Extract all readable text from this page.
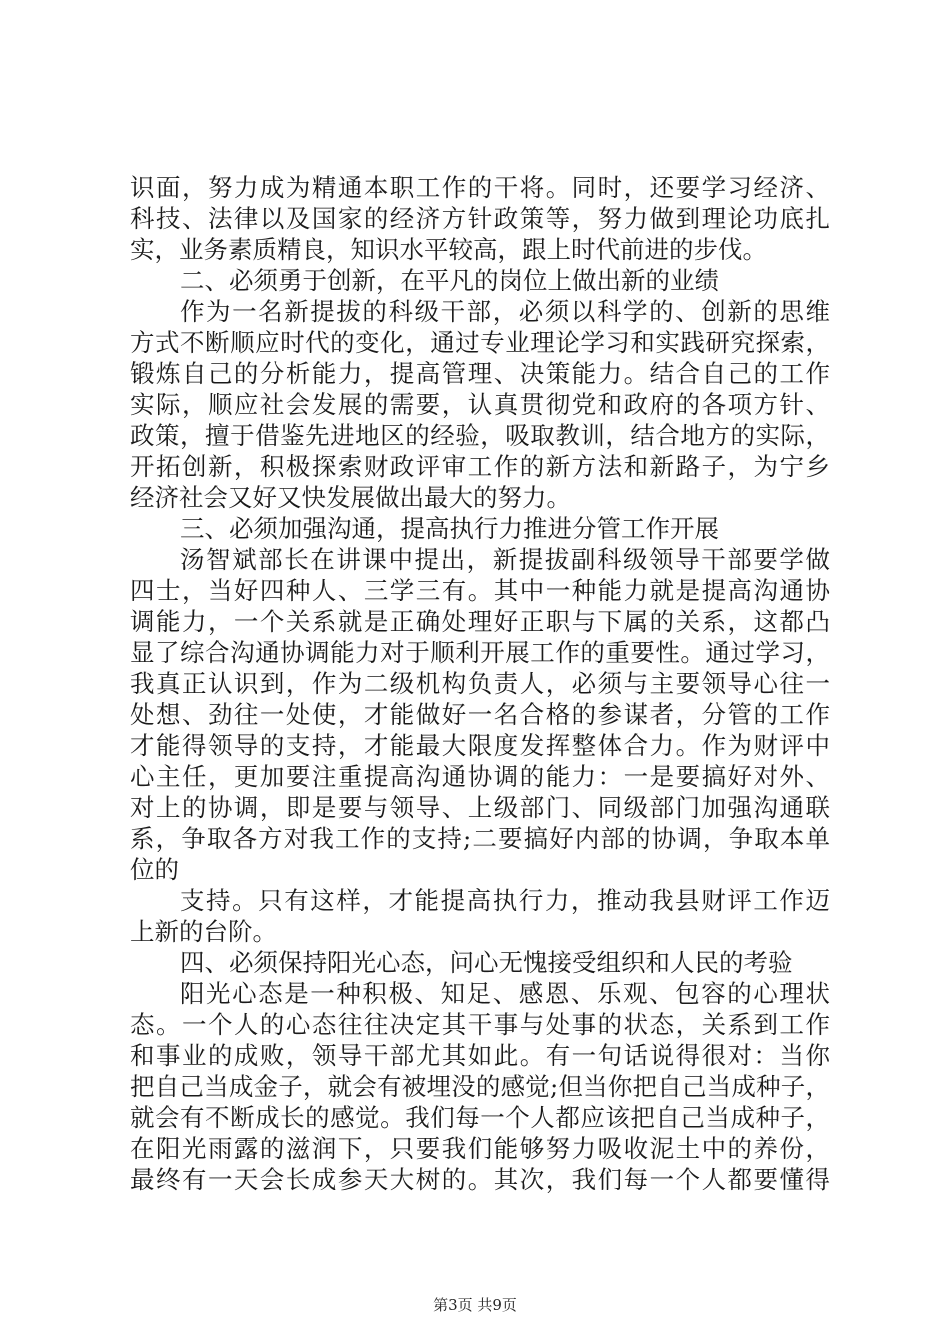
识面，努力成为精通本职工作的干将。同时，还要学习经济、
科技、法律以及国家的经济方针政策等，努力做到理论功底扎
实，业务素质精良，知识水平较高，跟上时代前进的步伐。
二、必须勇于创新，在平凡的岗位上做出新的业绩
作为一名新提拔的科级干部，必须以科学的、创新的思维
方式不断顺应时代的变化，通过专业理论学习和实践研究探索，
锻炼自己的分析能力，提高管理、决策能力。结合自己的工作
实际，顺应社会发展的需要，认真贯彻党和政府的各项方针、
政策，擅于借鉴先进地区的经验，吸取教训，结合地方的实际，
开拓创新，积极探索财政评审工作的新方法和新路子，为宁乡
经济社会又好又快发展做出最大的努力。
三、必须加强沟通，提高执行力推进分管工作开展
汤智斌部长在讲课中提出，新提拔副科级领导干部要学做
四士，当好四种人、三学三有。其中一种能力就是提高沟通协
调能力，一个关系就是正确处理好正职与下属的关系，这都凸
显了综合沟通协调能力对于顺利开展工作的重要性。通过学习，
我真正认识到，作为二级机构负责人，必须与主要领导心往一
处想、劲往一处使，才能做好一名合格的参谋者，分管的工作
才能得领导的支持，才能最大限度发挥整体合力。作为财评中
心主任，更加要注重提高沟通协调的能力：一是要搞好对外、
对上的协调，即是要与领导、上级部门、同级部门加强沟通联
系，争取各方对我工作的支持;二要搞好内部的协调，争取本单
位的
支持。只有这样，才能提高执行力，推动我县财评工作迈
上新的台阶。
四、必须保持阳光心态，问心无愧接受组织和人民的考验
阳光心态是一种积极、知足、感恩、乐观、包容的心理状
态。一个人的心态往往决定其干事与处事的状态，关系到工作
和事业的成败，领导干部尤其如此。有一句话说得很对：当你
把自己当成金子，就会有被埋没的感觉;但当你把自己当成种子，
就会有不断成长的感觉。我们每一个人都应该把自己当成种子，
在阳光雨露的滋润下，只要我们能够努力吸收泥土中的养份，
最终有一天会长成参天大树的。其次，我们每一个人都要懂得
第3页 共9页
